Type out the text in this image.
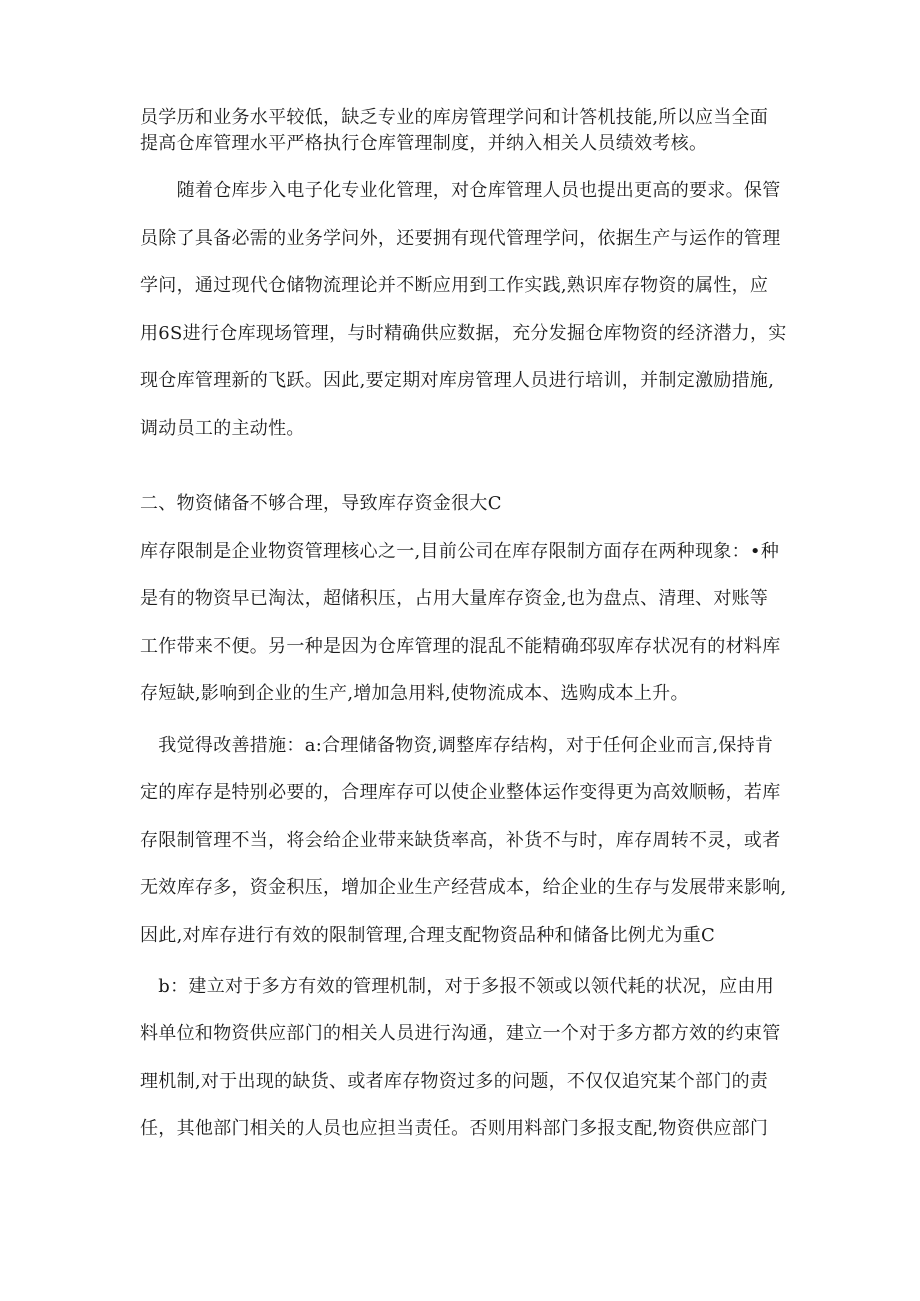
员学历和业务水平较低，缺乏专业的库房管理学问和计答机技能,所以应当全面

提高仓库管理水平严格执行仓库管理制度，并纳入相关人员绩效考核。

　　随着仓库步入电子化专业化管理，对仓库管理人员也提出更高的要求。保管

员除了具备必需的业务学问外，还要拥有现代管理学问，依据生产与运作的管理

学问，通过现代仓储物流理论并不断应用到工作实践,熟识库存物资的属性，应

用6S进行仓库现场管理，与时精确供应数据，充分发掘仓库物资的经济潜力，实

现仓库管理新的飞跃。因此,要定期对库房管理人员进行培训，并制定激励措施,

调动员工的主动性。

二、物资储备不够合理，导致库存资金很大C

库存限制是企业物资管理核心之一,目前公司在库存限制方面存在两种现象：•种

是有的物资早已淘汰，超储积压，占用大量库存资金,也为盘点、清理、对账等

工作带来不便。另一种是因为仓库管理的混乱不能精确邳驭库存状况有的材料库

存短缺,影响到企业的生产,增加急用料,使物流成本、选购成本上升。

　我觉得改善措施：a:合理储备物资,调整库存结构，对于任何企业而言,保持肯

定的库存是特别必要的，合理库存可以使企业整体运作变得更为高效顺畅，若库

存限制管理不当，将会给企业带来缺货率高，补货不与时，库存周转不灵，或者

无效库存多，资金积压，增加企业生产经营成本，给企业的生存与发展带来影响,

因此,对库存进行有效的限制管理,合理支配物资品种和储备比例尤为重C

　b：建立对于多方有效的管理机制，对于多报不领或以领代耗的状况，应由用

料单位和物资供应部门的相关人员进行沟通，建立一个对于多方都方效的约束管

理机制,对于出现的缺货、或者库存物资过多的问题，不仅仅追究某个部门的责

任，其他部门相关的人员也应担当责任。否则用料部门多报支配,物资供应部门
